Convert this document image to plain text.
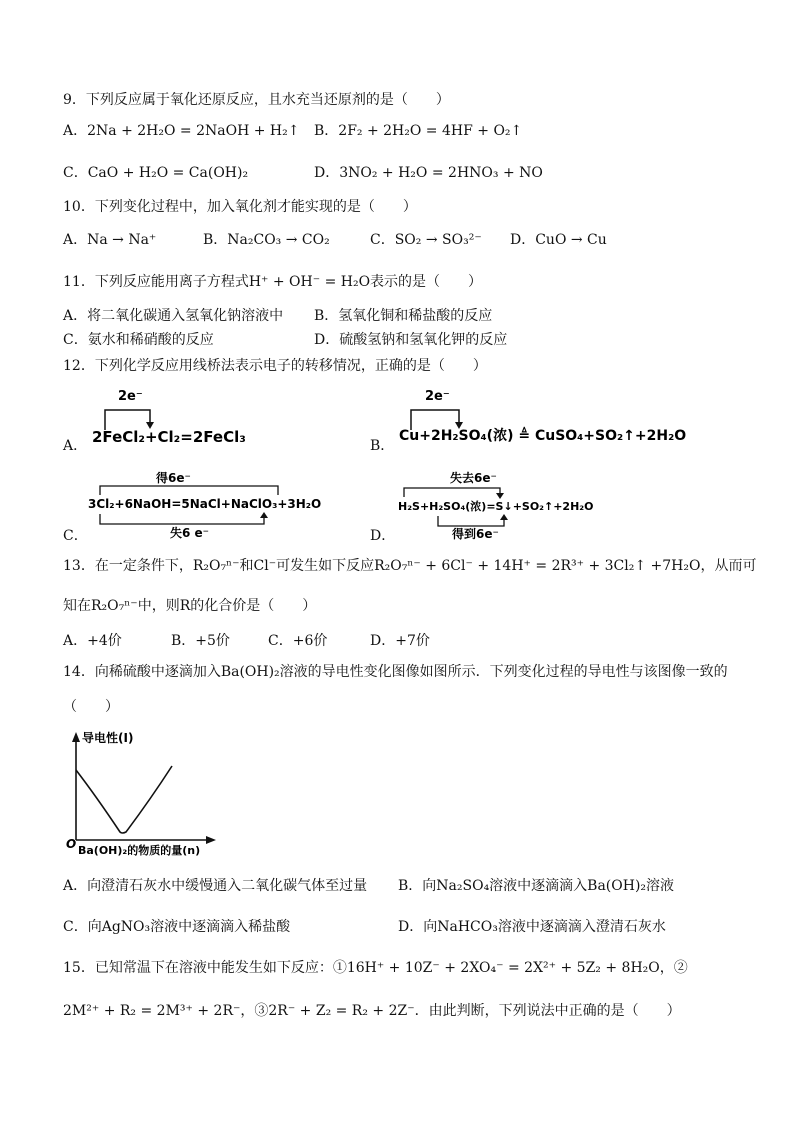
9．下列反应属于氧化还原反应，且水充当还原剂的是（　　）
A．2Na + 2H₂O = 2NaOH + H₂↑ B．2F₂ + 2H₂O = 4HF + O₂↑
C．CaO + H₂O = Ca(OH)₂	D．3NO₂ + H₂O = 2HNO₃ + NO
10．下列变化过程中，加入氧化剂才能实现的是（　　）
A．Na → Na⁺	B．Na₂CO₃ → CO₂	C．SO₂ → SO₃²⁻ D．CuO → Cu
11．下列反应能用离子方程式H⁺ + OH⁻ = H₂O表示的是（　　）
A．将二氧化碳通入氢氧化钠溶液中 B．氢氧化铜和稀盐酸的反应
C．氨水和稀硝酸的反应	D．硫酸氢钠和氢氧化钾的反应
12．下列化学反应用线桥法表示电子的转移情况，正确的是（　　）
A．
2e⁻
2FeCl₂+Cl₂=2FeCl₃	B．
2e⁻
Cu+2H₂SO₄(浓) ≜ CuSO₄+SO₂↑+2H₂O
C．
得6e⁻
3Cl₂+6NaOH=5NaCl+NaClO₃+3H₂O
失6 e⁻	D．
失去6e⁻
H₂S+H₂SO₄(浓)=S↓+SO₂↑+2H₂O
得到6e⁻
13．在一定条件下，R₂O₇ⁿ⁻和Cl⁻可发生如下反应R₂O₇ⁿ⁻ + 6Cl⁻ + 14H⁺ = 2R³⁺ + 3Cl₂↑ +7H₂O，从而可
知在R₂O₇ⁿ⁻中，则R的化合价是（　　）
A．+4价	B．+5价	C．+6价	D．+7价
14．向稀硫酸中逐滴加入Ba(OH)₂溶液的导电性变化图像如图所示．下列变化过程的导电性与该图像一致的
（　　）
导电性(I)
O Ba(OH)₂的物质的量(n)
A．向澄清石灰水中缓慢通入二氧化碳气体至过量 B．向Na₂SO₄溶液中逐滴滴入Ba(OH)₂溶液
C．向AgNO₃溶液中逐滴滴入稀盐酸	D．向NaHCO₃溶液中逐滴滴入澄清石灰水
15．已知常温下在溶液中能发生如下反应：①16H⁺ + 10Z⁻ + 2XO₄⁻ = 2X²⁺ + 5Z₂ + 8H₂O，②
2M²⁺ + R₂ = 2M³⁺ + 2R⁻，③2R⁻ + Z₂ = R₂ + 2Z⁻．由此判断，下列说法中正确的是（　　）
